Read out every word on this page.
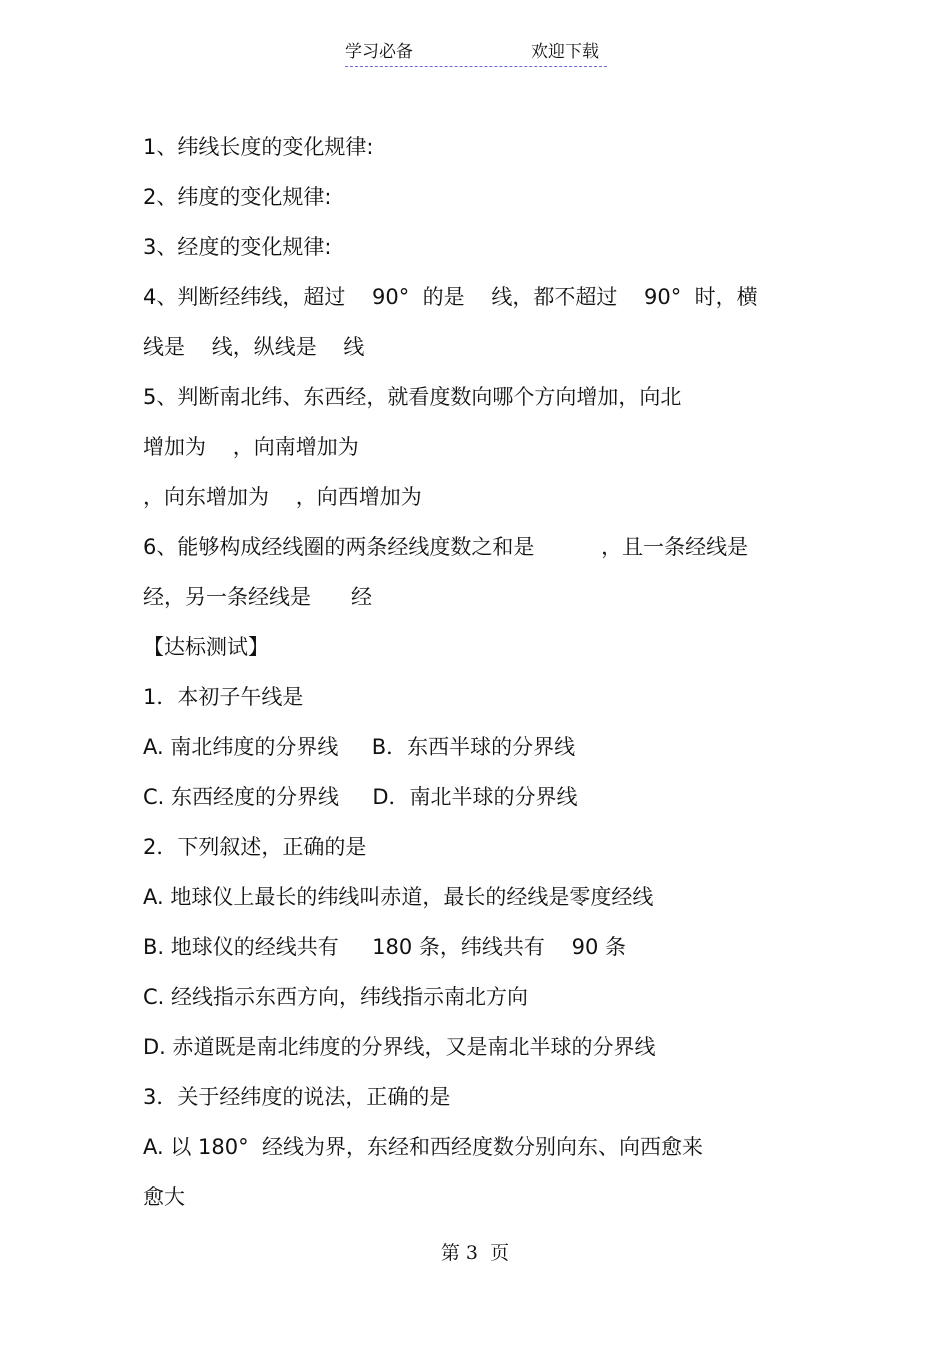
学习必备	欢迎下载
1、纬线长度的变化规律:
2、纬度的变化规律:
3、经度的变化规律:
4、判断经纬线，超过    90°  的是    线，都不超过    90°  时，横
线是    线，纵线是    线
5、判断南北纬、东西经，就看度数向哪个方向增加，向北
增加为    ，向南增加为
，向东增加为    ，向西增加为
6、能够构成经线圈的两条经线度数之和是          ，且一条经线是
经，另一条经线是      经
【达标测试】
1．本初子午线是
A. 南北纬度的分界线     B．东西半球的分界线
C. 东西经度的分界线     D．南北半球的分界线
2．下列叙述，正确的是
A. 地球仪上最长的纬线叫赤道，最长的经线是零度经线
B. 地球仪的经线共有     180 条，纬线共有    90 条
C. 经线指示东西方向，纬线指示南北方向
D. 赤道既是南北纬度的分界线，又是南北半球的分界线
3．关于经纬度的说法，正确的是
A. 以 180°  经线为界，东经和西经度数分别向东、向西愈来
愈大
第 3  页
